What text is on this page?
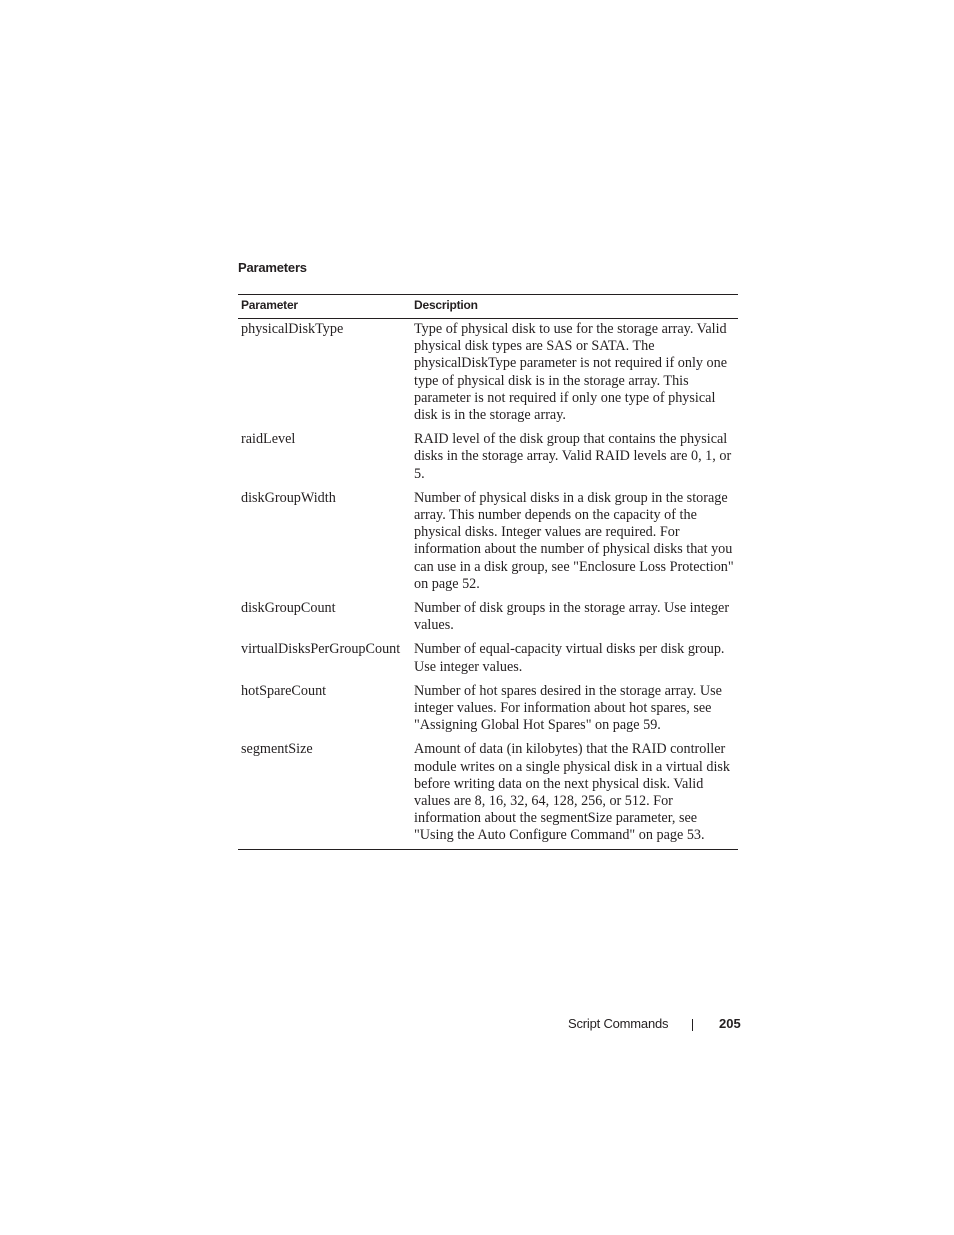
Parameters
Parameter	Description
physicalDiskType	Type of physical disk to use for the storage array. Valid physical disk types are SAS or SATA. The physicalDiskType parameter is not required if only one type of physical disk is in the storage array. This parameter is not required if only one type of physical disk is in the storage array.
raidLevel	RAID level of the disk group that contains the physical disks in the storage array. Valid RAID levels are 0, 1, or 5.
diskGroupWidth	Number of physical disks in a disk group in the storage array. This number depends on the capacity of the physical disks. Integer values are required. For information about the number of physical disks that you can use in a disk group, see "Enclosure Loss Protection" on page 52.
diskGroupCount	Number of disk groups in the storage array. Use integer values.
virtualDisksPerGroupCount	Number of equal-capacity virtual disks per disk group. Use integer values.
hotSpareCount	Number of hot spares desired in the storage array. Use integer values. For information about hot spares, see "Assigning Global Hot Spares" on page 59.
segmentSize	Amount of data (in kilobytes) that the RAID controller module writes on a single physical disk in a virtual disk before writing data on the next physical disk. Valid values are 8, 16, 32, 64, 128, 256, or 512. For information about the segmentSize parameter, see "Using the Auto Configure Command" on page 53.
Script Commands	205
